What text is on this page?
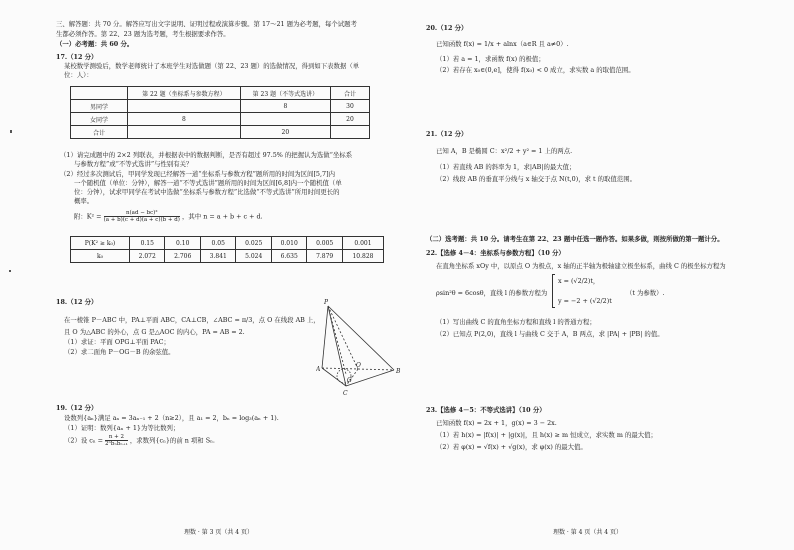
三、解答题：共 70 分。解答应写出文字说明、证明过程或演算步骤。第 17～21 题为必考题，每个试题考
生都必须作答。第 22、23 题为选考题，考生根据要求作答。
（一）必考题：共 60 分。
17.（12 分）
某校数学测验后，数学老师统计了本班学生对选做题（第 22、23 题）的选做情况，得到如下表数据（单
位：人）：
	第 22 题（坐标系与参数方程）	第 23 题（不等式选讲）	合计
男同学		8	30
女同学	8		20
合计		20	
（1）请完成题中的 2×2 列联表，并根据表中的数据判断，是否有超过 97.5% 的把握认为选做“坐标系
与参数方程”或“不等式选讲”与性别有关？
（2）经过多次测试后，甲同学发现已经解答一道“坐标系与参数方程”题所用的时间为区间[5,7]内
一个随机值（单位：分钟），解答一道“不等式选讲”题所用的时间为区间[6,8]内一个随机值（单
位：分钟），试求甲同学在考试中选做“坐标系与参数方程”比选做“不等式选讲”所用时间更长的
概率。
附：$K^2 = \frac{\text{n(ad − bc)²}}{(a + b)(c + d)(a + c)(b + d)}$ ，其中 n = a + b + c + d.
P(K² ≥ k₀)	0.15	0.10	0.05	0.025	0.010	0.005	0.001
k₀	2.072	2.706	3.841	5.024	6.635	7.879	10.828
18.（12 分）
在一棱锥 P－ABC 中，PA⊥平面 ABC，CA⊥CB，∠ABC = π/3，点 O 在线段 AB 上，
且 O 为△ABC 的外心，点 G 是△AOC 的内心，PA = AB = 2.
（1）求证：平面 OPG⊥平面 PAC；
（2）求二面角 P－OG－B 的余弦值。
P
A	B
C
O
G
19.（12 分）
设数列{aₙ}满足 aₙ = 3aₙ₋₁ + 2（n≥2），且 a₁ = 2，bₙ = log₃(aₙ + 1).
（1）证明：数列{aₙ + 1}为等比数列；
（2）设 $c_n = \frac{n + 2}{\text{2ⁿbₙbₙ₊₁}}$ ，求数列{cₙ}的前 n 项和 Sₙ.
理数 · 第 3 页（共 4 页）
20.（12 分）
已知函数 f(x) = 1/x + alnx（a∈R 且 a≠0）.
（1）若 a = 1，求函数 f(x) 的极值；
（2）若存在 x₀∈(0,e]，使得 f(x₀) < 0 成立，求实数 a 的取值范围。
21.（12 分）
已知 A，B 是椭圆 C：x²/2 + y² = 1 上的两点.
（1）若直线 AB 的斜率为 1，求|AB|的最大值；
（2）线段 AB 的垂直平分线与 x 轴交于点 N(t,0)，求 t 的取值范围。
（二）选考题：共 10 分。请考生在第 22、23 题中任选一题作答。如果多做，则按所做的第一题计分。
22.【选修 4－4：坐标系与参数方程】（10 分）
在直角坐标系 xOy 中，以原点 O 为极点，x 轴的正半轴为极轴建立极坐标系，曲线 C 的极坐标方程为
ρsin²θ = 6cosθ，直线 l 的参数方程为
x = (√2/2)t，
y = −2 + (√2/2)t
（t 为参数）.
（1）写出曲线 C 的直角坐标方程和直线 l 的普通方程；
（2）已知点 P(2,0)，直线 l 与曲线 C 交于 A，B 两点，求 |PA| + |PB| 的值。
23.【选修 4－5：不等式选讲】（10 分）
已知函数 f(x) = 2x + 1，g(x) = 3 − 2x.
（1）若 h(x) = |f(x)| + |g(x)|，且 h(x) ≥ m 恒成立，求实数 m 的最大值；
（2）若 φ(x) = √f(x) + √g(x)，求 φ(x) 的最大值。
理数 · 第 4 页（共 4 页）
